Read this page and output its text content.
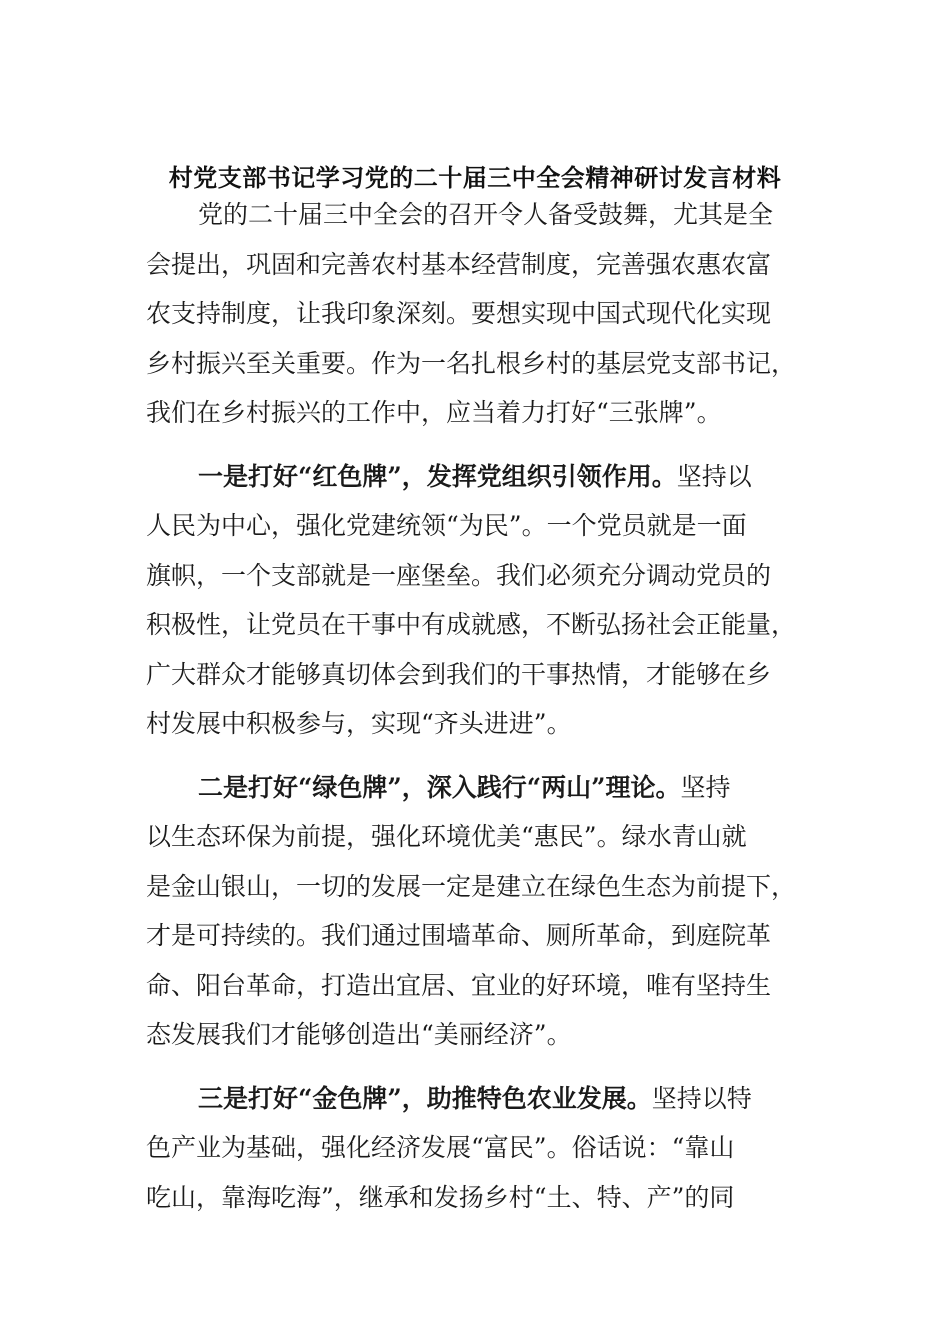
村党支部书记学习党的二十届三中全会精神研讨发言材料

党的二十届三中全会的召开令人备受鼓舞，尤其是全
会提出，巩固和完善农村基本经营制度，完善强农惠农富
农支持制度，让我印象深刻。要想实现中国式现代化实现
乡村振兴至关重要。作为一名扎根乡村的基层党支部书记，
我们在乡村振兴的工作中，应当着力打好“三张牌”。

一是打好“红色牌”，发挥党组织引领作用。坚持以
人民为中心，强化党建统领“为民”。一个党员就是一面
旗帜，一个支部就是一座堡垒。我们必须充分调动党员的
积极性，让党员在干事中有成就感，不断弘扬社会正能量，
广大群众才能够真切体会到我们的干事热情，才能够在乡
村发展中积极参与，实现“齐头进进”。

二是打好“绿色牌”，深入践行“两山”理论。坚持
以生态环保为前提，强化环境优美“惠民”。绿水青山就
是金山银山，一切的发展一定是建立在绿色生态为前提下，
才是可持续的。我们通过围墙革命、厕所革命，到庭院革
命、阳台革命，打造出宜居、宜业的好环境，唯有坚持生
态发展我们才能够创造出“美丽经济”。

三是打好“金色牌”，助推特色农业发展。坚持以特
色产业为基础，强化经济发展“富民”。俗话说：“靠山
吃山，靠海吃海”，继承和发扬乡村“土、特、产”的同
